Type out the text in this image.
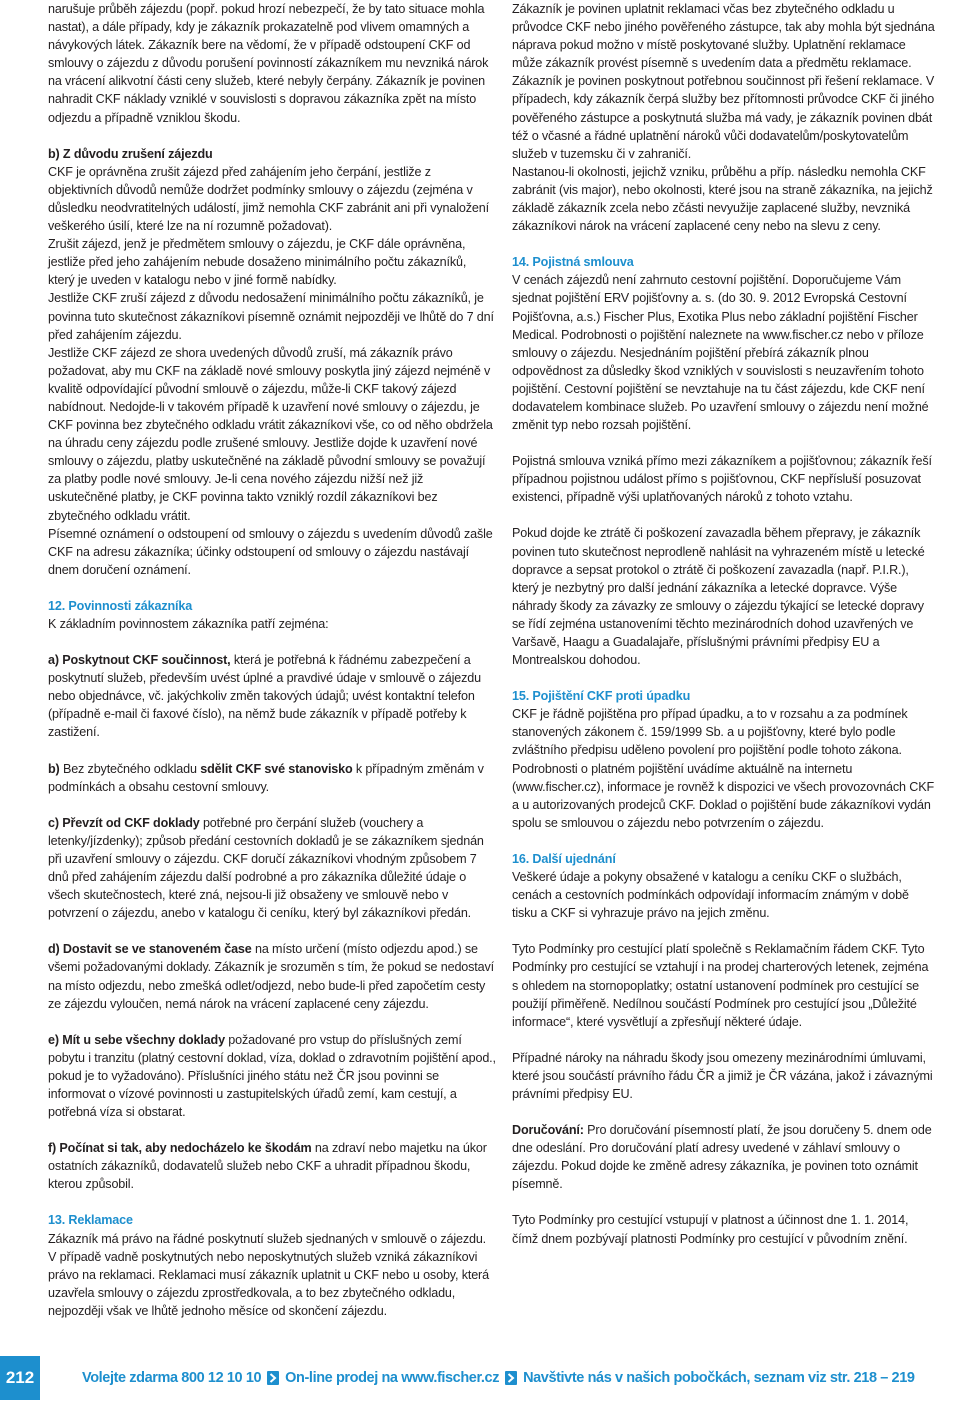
narušuje průběh zájezdu (popř. pokud hrozí nebezpečí, že by tato situace mohla nastat), a dále případy, kdy je zákazník prokazatelně pod vlivem omamných a návykových látek. Zákazník bere na vědomí, že v případě odstoupení CKF od smlouvy o zájezdu z důvodu porušení povinností zákazníkem mu nevzniká nárok na vrácení alikvotní části ceny služeb, které nebyly čerpány. Zákazník je povinen nahradit CKF náklady vzniklé v souvislosti s dopravou zákazníka zpět na místo odjezdu a případně vzniklou škodu.

b) Z důvodu zrušení zájezdu

CKF je oprávněna zrušit zájezd před zahájením jeho čerpání, jestliže z objektivních důvodů nemůže dodržet podmínky smlouvy o zájezdu (zejména v důsledku neodvratitelných událostí, jimž nemohla CKF zabránit ani při vynaložení veškerého úsilí, které lze na ní rozumně požadovat).

Zrušit zájezd, jenž je předmětem smlouvy o zájezdu, je CKF dále oprávněna, jestliže před jeho zahájením nebude dosaženo minimálního počtu zákazníků, který je uveden v katalogu nebo v jiné formě nabídky.

Jestliže CKF zruší zájezd z důvodu nedosažení minimálního počtu zákazníků, je povinna tuto skutečnost zákazníkovi písemně oznámit nejpozději ve lhůtě do 7 dní před zahájením zájezdu.

Jestliže CKF zájezd ze shora uvedených důvodů zruší, má zákazník právo požadovat, aby mu CKF na základě nové smlouvy poskytla jiný zájezd nejméně v kvalitě odpovídající původní smlouvě o zájezdu, může-li CKF takový zájezd nabídnout. Nedojde-li v takovém případě k uzavření nové smlouvy o zájezdu, je CKF povinna bez zbytečného odkladu vrátit zákazníkovi vše, co od něho obdržela na úhradu ceny zájezdu podle zrušené smlouvy. Jestliže dojde k uzavření nové smlouvy o zájezdu, platby uskutečněné na základě původní smlouvy se považují za platby podle nové smlouvy. Je-li cena nového zájezdu nižší než již uskutečněné platby, je CKF povinna takto vzniklý rozdíl zákazníkovi bez zbytečného odkladu vrátit.

Písemné oznámení o odstoupení od smlouvy o zájezdu s uvedením důvodů zašle CKF na adresu zákazníka; účinky odstoupení od smlouvy o zájezdu nastávají dnem doručení oznámení.

12. Povinnosti zákazníka

K základním povinnostem zákazníka patří zejména:

a) Poskytnout CKF součinnost, která je potřebná k řádnému zabezpečení a poskytnutí služeb, především uvést úplné a pravdivé údaje v smlouvě o zájezdu nebo objednávce, vč. jakýchkoliv změn takových údajů; uvést kontaktní telefon (případně e-mail či faxové číslo), na němž bude zákazník v případě potřeby k zastižení.

b) Bez zbytečného odkladu sdělit CKF své stanovisko k případným změnám v podmínkách a obsahu cestovní smlouvy.

c) Převzít od CKF doklady potřebné pro čerpání služeb (vouchery a letenky/jízdenky); způsob předání cestovních dokladů je se zákazníkem sjednán při uzavření smlouvy o zájezdu. CKF doručí zákazníkovi vhodným způsobem 7 dnů před zahájením zájezdu další podrobné a pro zákazníka důležité údaje o všech skutečnostech, které zná, nejsou-li již obsaženy ve smlouvě nebo v potvrzení o zájezdu, anebo v katalogu či ceníku, který byl zákazníkovi předán.

d) Dostavit se ve stanoveném čase na místo určení (místo odjezdu apod.) se všemi požadovanými doklady. Zákazník je srozuměn s tím, že pokud se nedostaví na místo odjezdu, nebo zmešká odlet/odjezd, nebo bude-li před započetím cesty ze zájezdu vyloučen, nemá nárok na vrácení zaplacené ceny zájezdu.

e) Mít u sebe všechny doklady požadované pro vstup do příslušných zemí pobytu i tranzitu (platný cestovní doklad, víza, doklad o zdravotním pojištění apod., pokud je to vyžadováno). Příslušníci jiného státu než ČR jsou povinni se informovat o vízové povinnosti u zastupitelských úřadů zemí, kam cestují, a potřebná víza si obstarat.

f) Počínat si tak, aby nedocházelo ke škodám na zdraví nebo majetku na úkor ostatních zákazníků, dodavatelů služeb nebo CKF a uhradit případnou škodu, kterou způsobil.

13. Reklamace

Zákazník má právo na řádné poskytnutí služeb sjednaných v smlouvě o zájezdu. V případě vadně poskytnutých nebo neposkytnutých služeb vzniká zákazníkovi právo na reklamaci. Reklamaci musí zákazník uplatnit u CKF nebo u osoby, která uzavřela smlouvy o zájezdu zprostředkovala, a to bez zbytečného odkladu, nejpozději však ve lhůtě jednoho měsíce od skončení zájezdu.

Zákazník je povinen uplatnit reklamaci včas bez zbytečného odkladu u průvodce CKF nebo jiného pověřeného zástupce, tak aby mohla být sjednána náprava pokud možno v místě poskytované služby. Uplatnění reklamace může zákazník provést písemně s uvedením data a předmětu reklamace. Zákazník je povinen poskytnout potřebnou součinnost při řešení reklamace. V případech, kdy zákazník čerpá služby bez přítomnosti průvodce CKF či jiného pověřeného zástupce a poskytnutá služba má vady, je zákazník povinen dbát též o včasné a řádné uplatnění nároků vůči dodavatelům/poskytovatelům služeb v tuzemsku či v zahraničí.

Nastanou-li okolnosti, jejichž vzniku, průběhu a příp. následku nemohla CKF zabránit (vis major), nebo okolnosti, které jsou na straně zákazníka, na jejichž základě zákazník zcela nebo zčásti nevyužije zaplacené služby, nevzniká zákazníkovi nárok na vrácení zaplacené ceny nebo na slevu z ceny.

14. Pojistná smlouva

V cenách zájezdů není zahrnuto cestovní pojištění. Doporučujeme Vám sjednat pojištění ERV pojišťovny a. s. (do 30. 9. 2012 Evropská Cestovní Pojišťovna, a.s.) Fischer Plus, Exotika Plus nebo základní pojištění Fischer Medical. Podrobnosti o pojištění naleznete na www.fischer.cz nebo v příloze smlouvy o zájezdu. Nesjednáním pojištění přebírá zákazník plnou odpovědnost za důsledky škod vzniklých v souvislosti s neuzavřením tohoto pojištění. Cestovní pojištění se nevztahuje na tu část zájezdu, kde CKF není dodavatelem kombinace služeb. Po uzavření smlouvy o zájezdu není možné změnit typ nebo rozsah pojištění.

Pojistná smlouva vzniká přímo mezi zákazníkem a pojišťovnou; zákazník řeší případnou pojistnou událost přímo s pojišťovnou, CKF nepřísluší posuzovat existenci, případně výši uplatňovaných nároků z tohoto vztahu.

Pokud dojde ke ztrátě či poškození zavazadla během přepravy, je zákazník povinen tuto skutečnost neprodleně nahlásit na vyhrazeném místě u letecké dopravce a sepsat protokol o ztrátě či poškození zavazadla (např. P.I.R.), který je nezbytný pro další jednání zákazníka a letecké dopravce. Výše náhrady škody za závazky ze smlouvy o zájezdu týkající se letecké dopravy se řídí zejména ustanoveními těchto mezinárodních dohod uzavřených ve Varšavě, Haagu a Guadalajaře, příslušnými právními předpisy EU a Montrealskou dohodou.

15. Pojištění CKF proti úpadku

CKF je řádně pojištěna pro případ úpadku, a to v rozsahu a za podmínek stanovených zákonem č. 159/1999 Sb. a u pojišťovny, které bylo podle zvláštního předpisu uděleno povolení pro pojištění podle tohoto zákona. Podrobnosti o platném pojištění uvádíme aktuálně na internetu (www.fischer.cz), informace je rovněž k dispozici ve všech provozovnách CKF a u autorizovaných prodejců CKF. Doklad o pojištění bude zákazníkovi vydán spolu se smlouvou o zájezdu nebo potvrzením o zájezdu.

16. Další ujednání

Veškeré údaje a pokyny obsažené v katalogu a ceníku CKF o službách, cenách a cestovních podmínkách odpovídají informacím známým v době tisku a CKF si vyhrazuje právo na jejich změnu.

Tyto Podmínky pro cestující platí společně s Reklamačním řádem CKF. Tyto Podmínky pro cestující se vztahují i na prodej charterových letenek, zejména s ohledem na stornopoplatky; ostatní ustanovení podmínek pro cestující se použijí přiměřeně. Nedílnou součástí Podmínek pro cestující jsou „Důležité informace“, které vysvětlují a zpřesňují některé údaje.

Případné nároky na náhradu škody jsou omezeny mezinárodními úmluvami, které jsou součástí právního řádu ČR a jimiž je ČR vázána, jakož i závaznými právními předpisy EU.

Doručování: Pro doručování písemností platí, že jsou doručeny 5. dnem ode dne odeslání. Pro doručování platí adresy uvedené v záhlaví smlouvy o zájezdu. Pokud dojde ke změně adresy zákazníka, je povinen toto oznámit písemně.

Tyto Podmínky pro cestující vstupují v platnost a účinnost dne 1. 1. 2014, čímž dnem pozbývají platnosti Podmínky pro cestující v původním znění.

212	Volejte zdarma 800 12 10 10 On-line prodej na www.fischer.cz Navštivte nás v našich pobočkách, seznam viz str. 218 – 219
